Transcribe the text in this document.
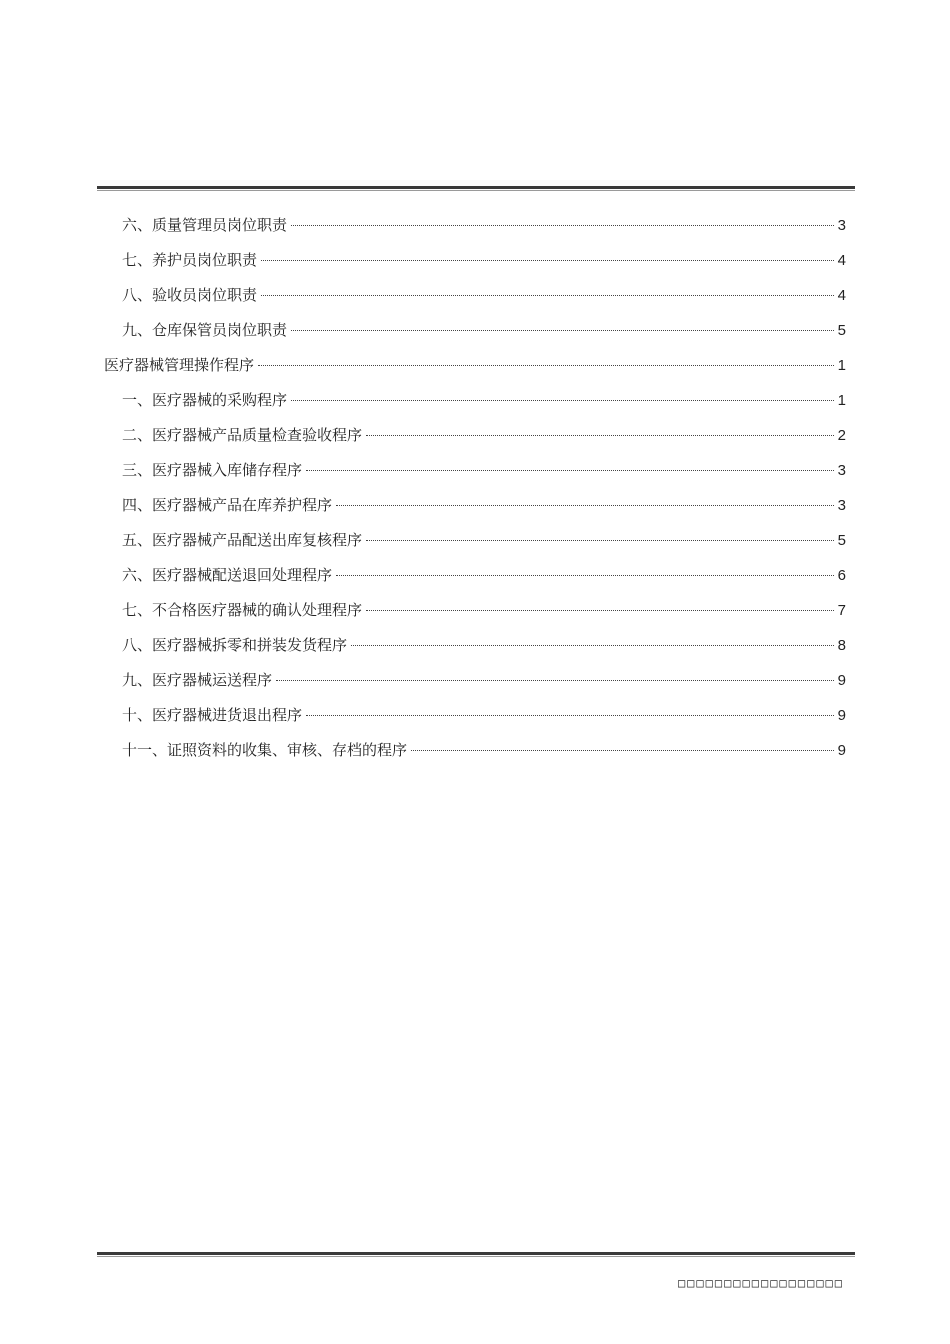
六、质量管理员岗位职责	3
七、养护员岗位职责	4
八、验收员岗位职责	4
九、仓库保管员岗位职责	5
医疗器械管理操作程序	1
一、医疗器械的采购程序	1
二、医疗器械产品质量检查验收程序	2
三、医疗器械入库储存程序	3
四、医疗器械产品在库养护程序	3
五、医疗器械产品配送出库复核程序	5
六、医疗器械配送退回处理程序	6
七、不合格医疗器械的确认处理程序	7
八、医疗器械拆零和拼装发货程序	8
九、医疗器械运送程序	9
十、医疗器械进货退出程序	9
十一、证照资料的收集、审核、存档的程序	9
□□□□□□□□□□□□□□□□□□
